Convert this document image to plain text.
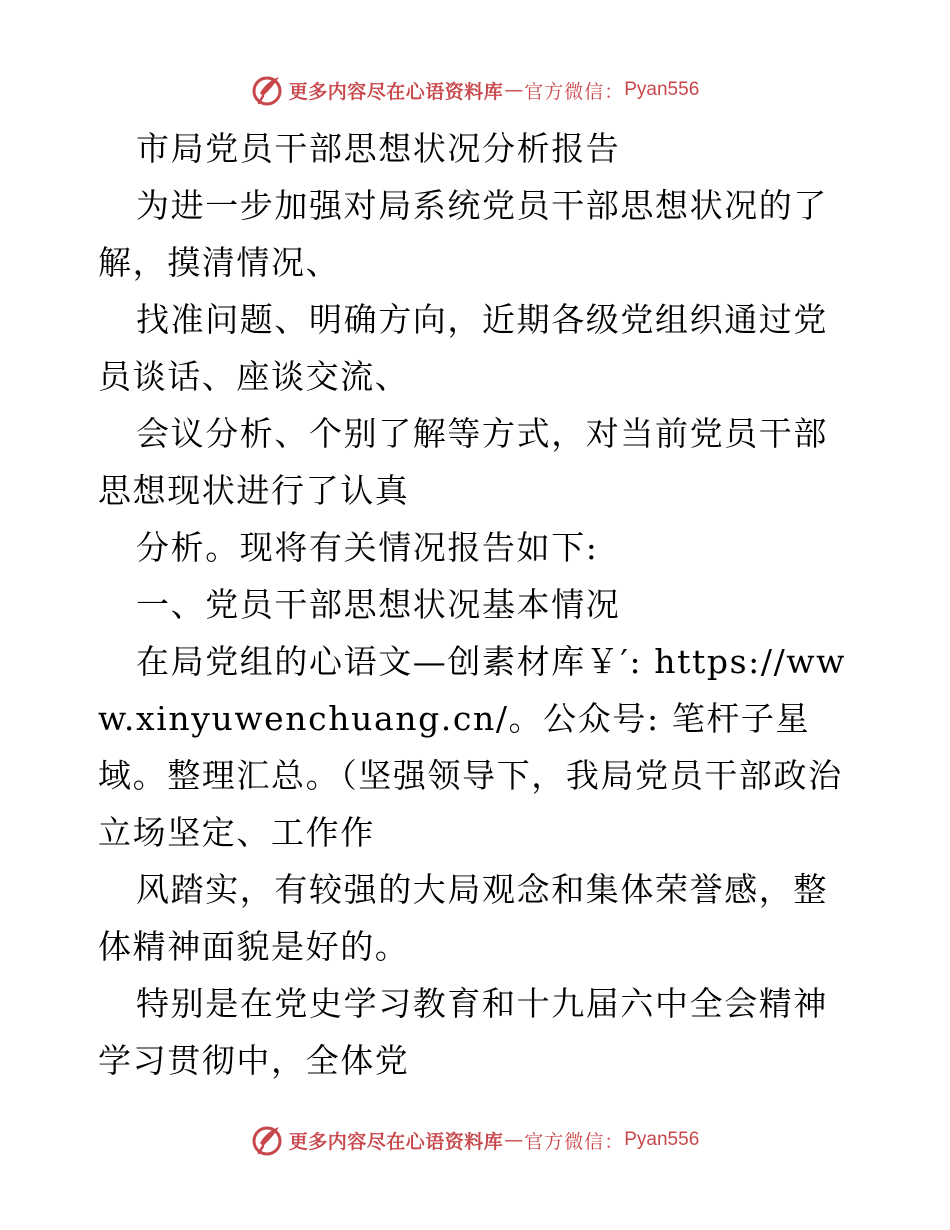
更多内容尽在心语资料库 — 官方微信： Pyan556

市局党员干部思想状况分析报告

为进一步加强对局系统党员干部思想状况的了解，摸清情况、

找准问题、明确方向，近期各级党组织通过党员谈话、座谈交流、

会议分析、个别了解等方式，对当前党员干部思想现状进行了认真

分析。现将有关情况报告如下:

一、党员干部思想状况基本情况

在局党组的心语文—创素材库￥′: https://www.xinyuwenchuang.cn/。公众号: 笔杆子星域。整理汇总。（坚强领导下，我局党员干部政治立场坚定、工作作

风踏实，有较强的大局观念和集体荣誉感，整体精神面貌是好的。

特别是在党史学习教育和十九届六中全会精神学习贯彻中，全体党

更多内容尽在心语资料库 — 官方微信： Pyan556
